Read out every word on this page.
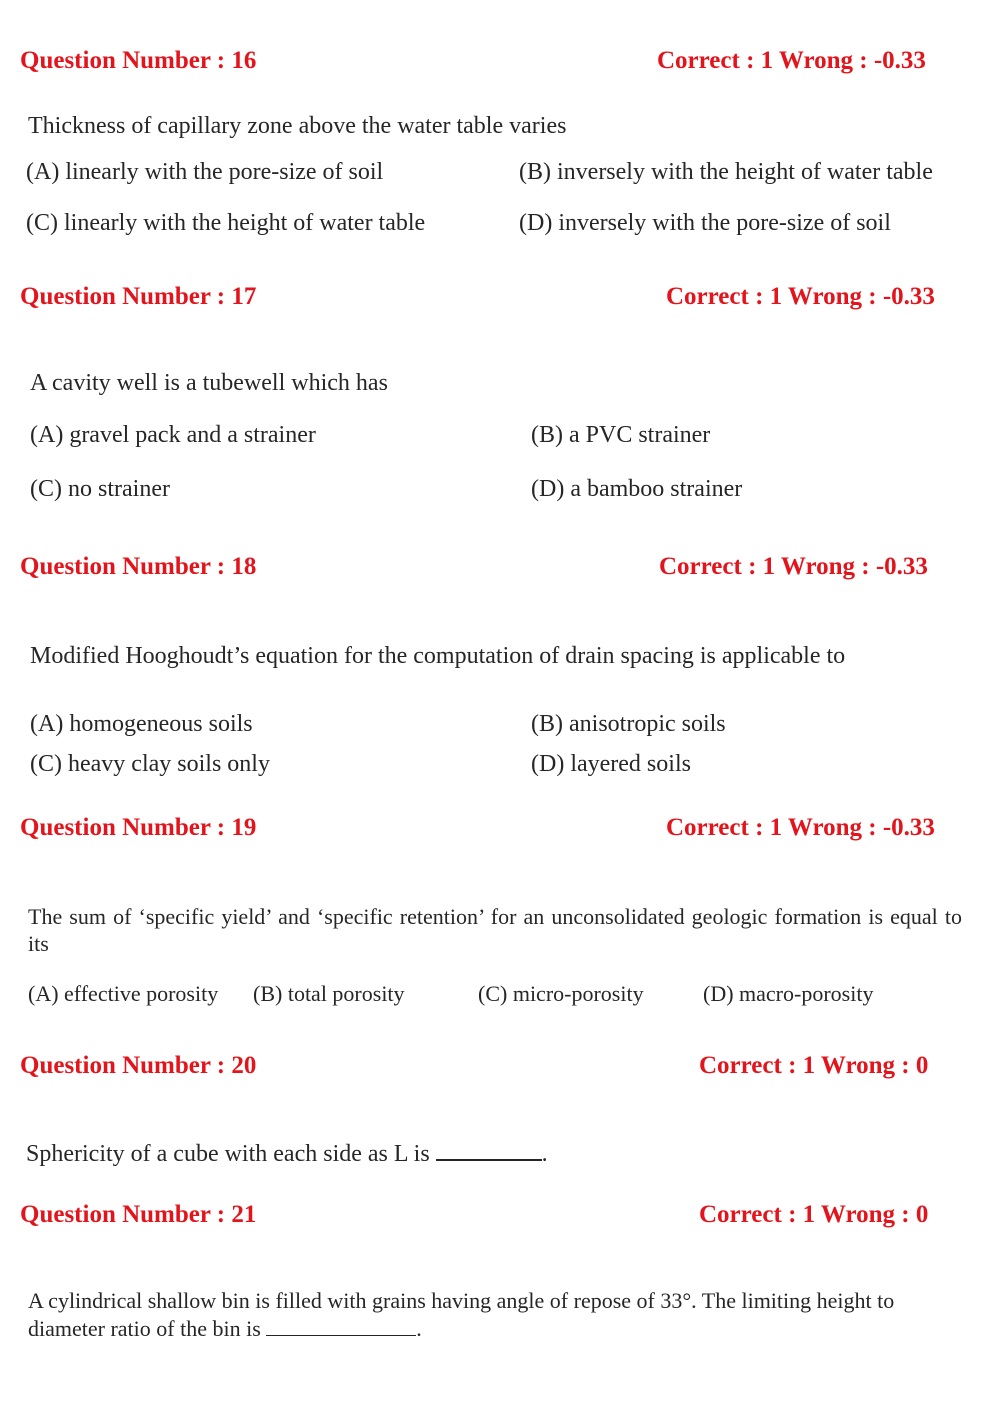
Question Number : 16	Correct : 1 Wrong : -0.33
Thickness of capillary zone above the water table varies
(A) linearly with the pore-size of soil	(B) inversely with the height of water table
(C) linearly with the height of water table	(D) inversely with the pore-size of soil
Question Number : 17	Correct : 1 Wrong : -0.33
A cavity well is a tubewell which has
(A) gravel pack and a strainer	(B) a PVC strainer
(C) no strainer	(D) a bamboo strainer
Question Number : 18	Correct : 1 Wrong : -0.33
Modified Hooghoudt’s equation for the computation of drain spacing is applicable to
(A) homogeneous soils	(B) anisotropic soils
(C) heavy clay soils only	(D) layered soils
Question Number : 19	Correct : 1 Wrong : -0.33
The sum of ‘specific yield’ and ‘specific retention’ for an unconsolidated geologic formation is equal to its
(A) effective porosity (B) total porosity	(C) micro-porosity	(D) macro-porosity
Question Number : 20	Correct : 1 Wrong : 0
Sphericity of a cube with each side as L is	.
Question Number : 21	Correct : 1 Wrong : 0
A cylindrical shallow bin is filled with grains having angle of repose of 33°. The limiting height to
diameter ratio of the bin is	.
